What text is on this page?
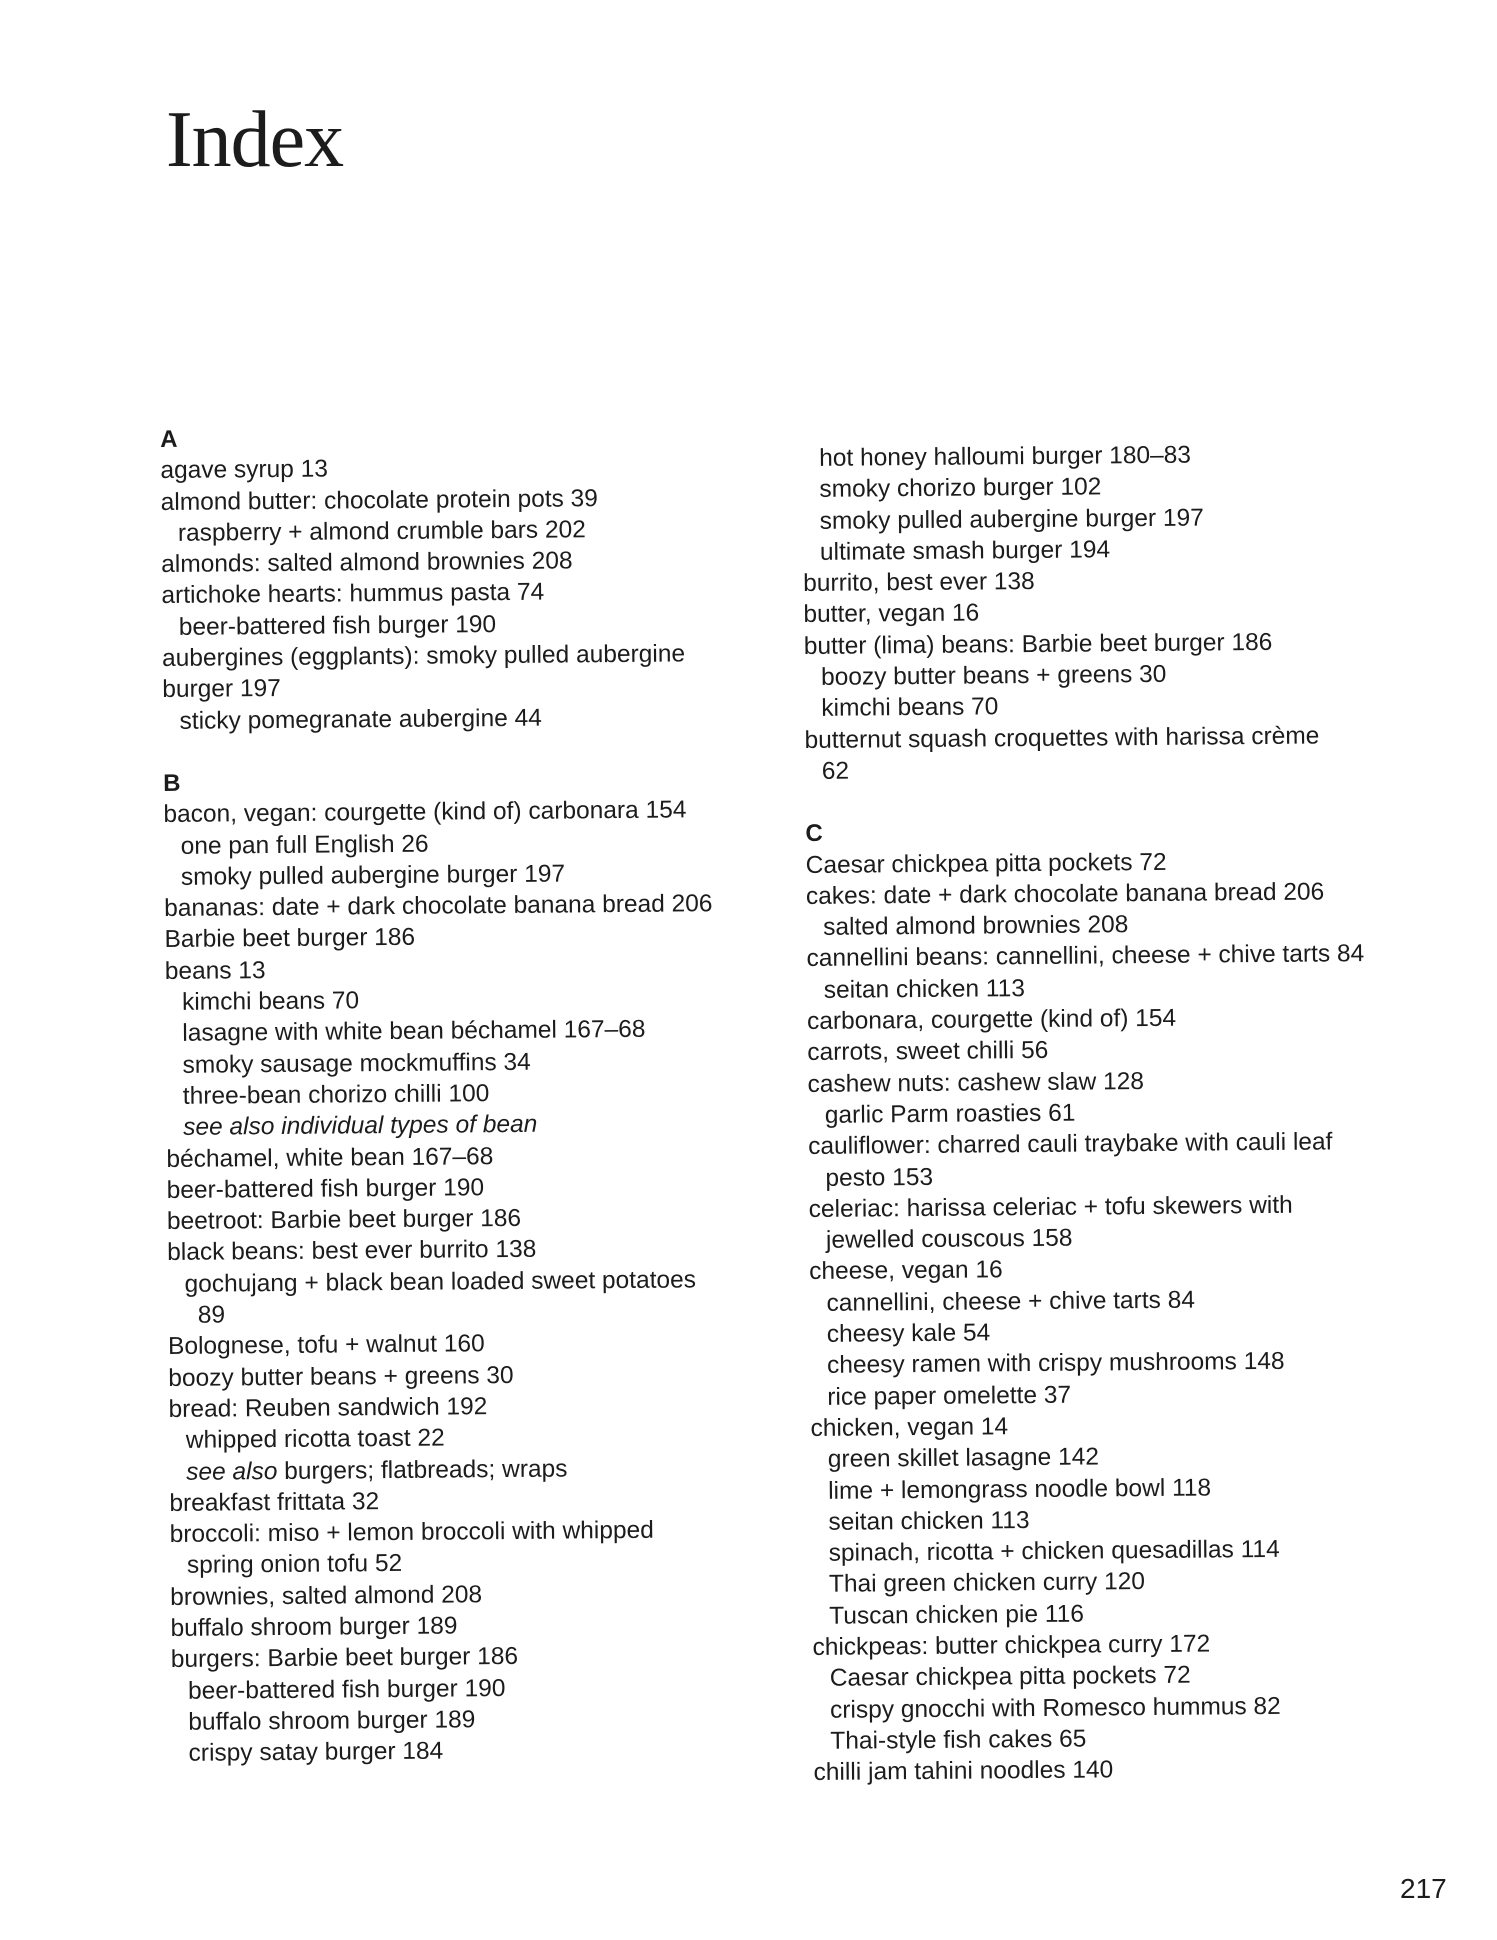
Index
A
agave syrup 13
almond butter: chocolate protein pots 39
raspberry + almond crumble bars 202
almonds: salted almond brownies 208
artichoke hearts: hummus pasta 74
beer-battered fish burger 190
aubergines (eggplants): smoky pulled aubergine
burger 197
sticky pomegranate aubergine 44
B
bacon, vegan: courgette (kind of) carbonara 154
one pan full English 26
smoky pulled aubergine burger 197
bananas: date + dark chocolate banana bread 206
Barbie beet burger 186
beans 13
kimchi beans 70
lasagne with white bean béchamel 167–68
smoky sausage mockmuffins 34
three-bean chorizo chilli 100
see also individual types of bean
béchamel, white bean 167–68
beer-battered fish burger 190
beetroot: Barbie beet burger 186
black beans: best ever burrito 138
gochujang + black bean loaded sweet potatoes
89
Bolognese, tofu + walnut 160
boozy butter beans + greens 30
bread: Reuben sandwich 192
whipped ricotta toast 22
see also burgers; flatbreads; wraps
breakfast frittata 32
broccoli: miso + lemon broccoli with whipped
spring onion tofu 52
brownies, salted almond 208
buffalo shroom burger 189
burgers: Barbie beet burger 186
beer-battered fish burger 190
buffalo shroom burger 189
crispy satay burger 184
hot honey halloumi burger 180–83
smoky chorizo burger 102
smoky pulled aubergine burger 197
ultimate smash burger 194
burrito, best ever 138
butter, vegan 16
butter (lima) beans: Barbie beet burger 186
boozy butter beans + greens 30
kimchi beans 70
butternut squash croquettes with harissa crème
62
C
Caesar chickpea pitta pockets 72
cakes: date + dark chocolate banana bread 206
salted almond brownies 208
cannellini beans: cannellini, cheese + chive tarts 84
seitan chicken 113
carbonara, courgette (kind of) 154
carrots, sweet chilli 56
cashew nuts: cashew slaw 128
garlic Parm roasties 61
cauliflower: charred cauli traybake with cauli leaf
pesto 153
celeriac: harissa celeriac + tofu skewers with
jewelled couscous 158
cheese, vegan 16
cannellini, cheese + chive tarts 84
cheesy kale 54
cheesy ramen with crispy mushrooms 148
rice paper omelette 37
chicken, vegan 14
green skillet lasagne 142
lime + lemongrass noodle bowl 118
seitan chicken 113
spinach, ricotta + chicken quesadillas 114
Thai green chicken curry 120
Tuscan chicken pie 116
chickpeas: butter chickpea curry 172
Caesar chickpea pitta pockets 72
crispy gnocchi with Romesco hummus 82
Thai-style fish cakes 65
chilli jam tahini noodles 140
217
